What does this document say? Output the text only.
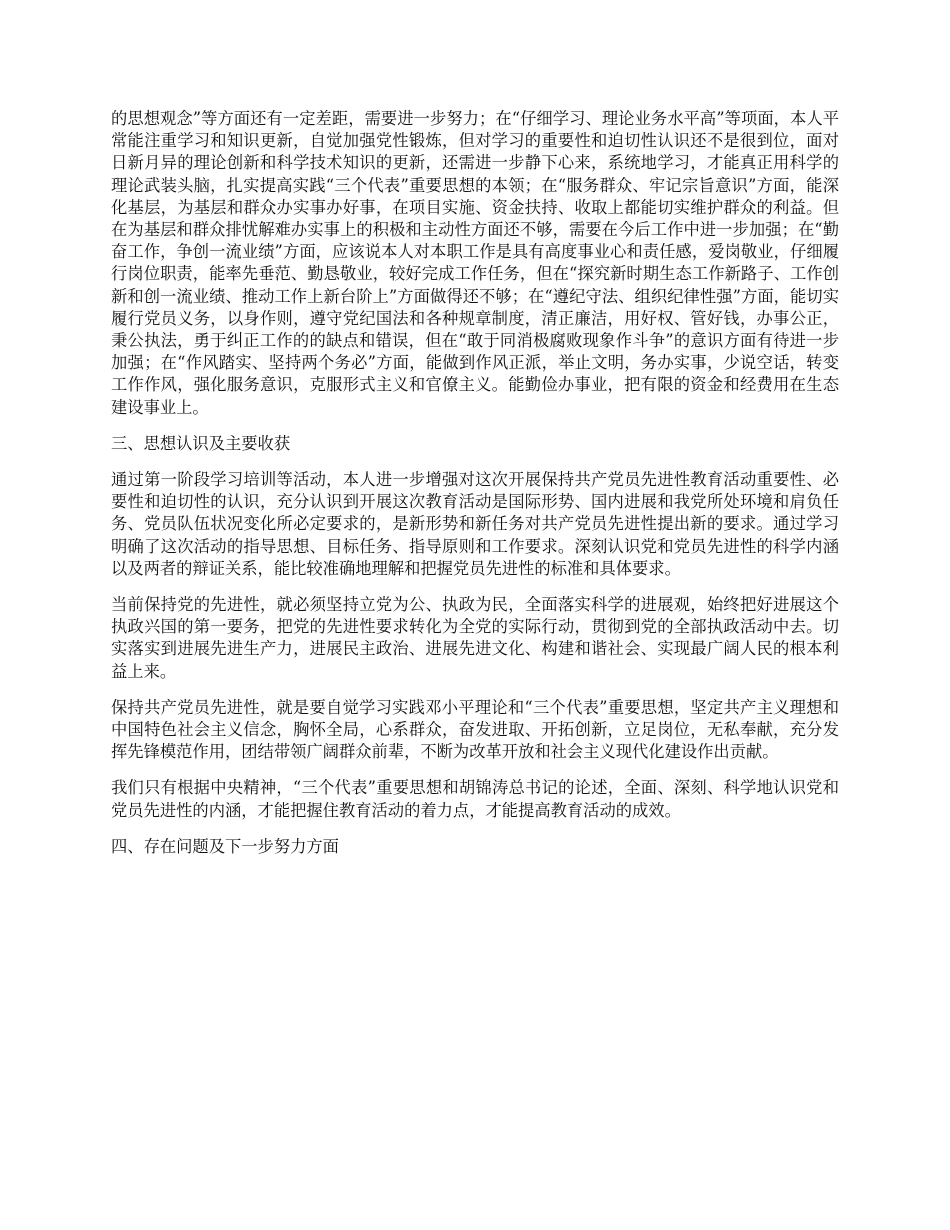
的思想观念”等方面还有一定差距，需要进一步努力；在“仔细学习、理论业务水平高”等项面，本人平常能注重学习和知识更新，自觉加强党性锻炼，但对学习的重要性和迫切性认识还不是很到位，面对日新月异的理论创新和科学技术知识的更新，还需进一步静下心来，系统地学习，才能真正用科学的理论武装头脑，扎实提高实践“三个代表”重要思想的本领；在“服务群众、牢记宗旨意识”方面，能深化基层，为基层和群众办实事办好事，在项目实施、资金扶持、收取上都能切实维护群众的利益。但在为基层和群众排忧解难办实事上的积极和主动性方面还不够，需要在今后工作中进一步加强；在“勤奋工作，争创一流业绩”方面，应该说本人对本职工作是具有高度事业心和责任感，爱岗敬业，仔细履行岗位职责，能率先垂范、勤恳敬业，较好完成工作任务，但在“探究新时期生态工作新路子、工作创新和创一流业绩、推动工作上新台阶上”方面做得还不够；在“遵纪守法、组织纪律性强”方面，能切实履行党员义务，以身作则，遵守党纪国法和各种规章制度，清正廉洁，用好权、管好钱，办事公正，秉公执法，勇于纠正工作的的缺点和错误，但在“敢于同消极腐败现象作斗争”的意识方面有待进一步加强；在“作风踏实、坚持两个务必”方面，能做到作风正派，举止文明，务办实事，少说空话，转变工作作风，强化服务意识，克服形式主义和官僚主义。能勤俭办事业，把有限的资金和经费用在生态建设事业上。

三、思想认识及主要收获

通过第一阶段学习培训等活动，本人进一步增强对这次开展保持共产党员先进性教育活动重要性、必要性和迫切性的认识，充分认识到开展这次教育活动是国际形势、国内进展和我党所处环境和肩负任务、党员队伍状况变化所必定要求的，是新形势和新任务对共产党员先进性提出新的要求。通过学习明确了这次活动的指导思想、目标任务、指导原则和工作要求。深刻认识党和党员先进性的科学内涵以及两者的辩证关系，能比较准确地理解和把握党员先进性的标准和具体要求。

当前保持党的先进性，就必须坚持立党为公、执政为民，全面落实科学的进展观，始终把好进展这个执政兴国的第一要务，把党的先进性要求转化为全党的实际行动，贯彻到党的全部执政活动中去。切实落实到进展先进生产力，进展民主政治、进展先进文化、构建和谐社会、实现最广阔人民的根本利益上来。

保持共产党员先进性，就是要自觉学习实践邓小平理论和“三个代表”重要思想，坚定共产主义理想和中国特色社会主义信念，胸怀全局，心系群众，奋发进取、开拓创新，立足岗位，无私奉献，充分发挥先锋模范作用，团结带领广阔群众前辈，不断为改革开放和社会主义现代化建设作出贡献。

我们只有根据中央精神，“三个代表”重要思想和胡锦涛总书记的论述，全面、深刻、科学地认识党和党员先进性的内涵，才能把握住教育活动的着力点，才能提高教育活动的成效。

四、存在问题及下一步努力方面
